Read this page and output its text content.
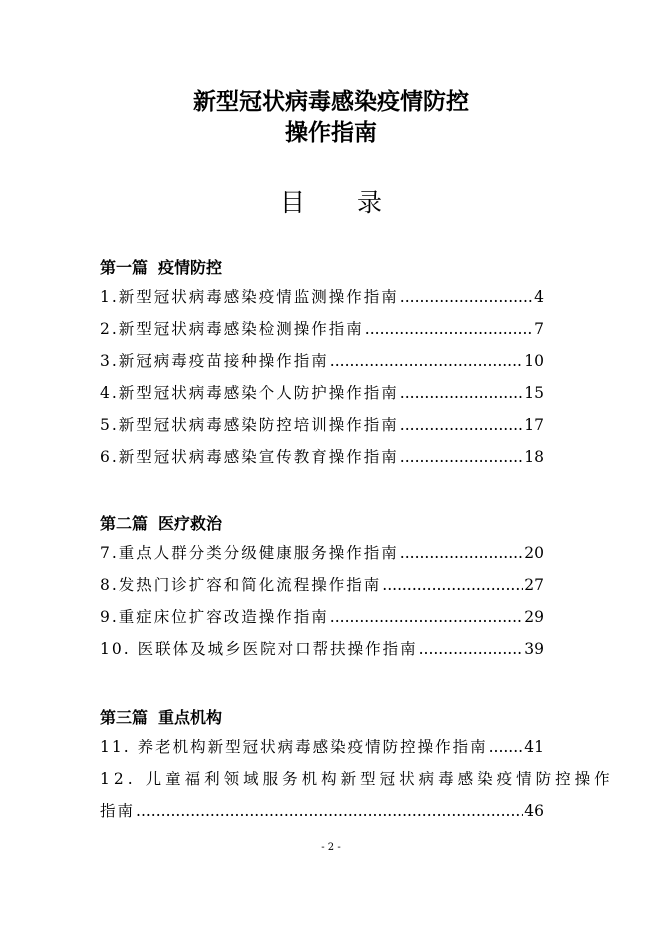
新型冠状病毒感染疫情防控
操作指南
目 录
第一篇 疫情防控
1.新型冠状病毒感染疫情监测操作指南 .....	4
2.新型冠状病毒感染检测操作指南 .....	7
3.新冠病毒疫苗接种操作指南 .....	10
4.新型冠状病毒感染个人防护操作指南 .....	15
5.新型冠状病毒感染防控培训操作指南 .....	17
6.新型冠状病毒感染宣传教育操作指南 .....	18
第二篇 医疗救治
7.重点人群分类分级健康服务操作指南 .....	20
8.发热门诊扩容和简化流程操作指南 .....	27
9.重症床位扩容改造操作指南 .....	29
10. 医联体及城乡医院对口帮扶操作指南 .....	39
第三篇 重点机构
11. 养老机构新型冠状病毒感染疫情防控操作指南 ..... 41
12. 儿童福利领域服务机构新型冠状病毒感染疫情防控操作
指南 .....	46
- 2 -
